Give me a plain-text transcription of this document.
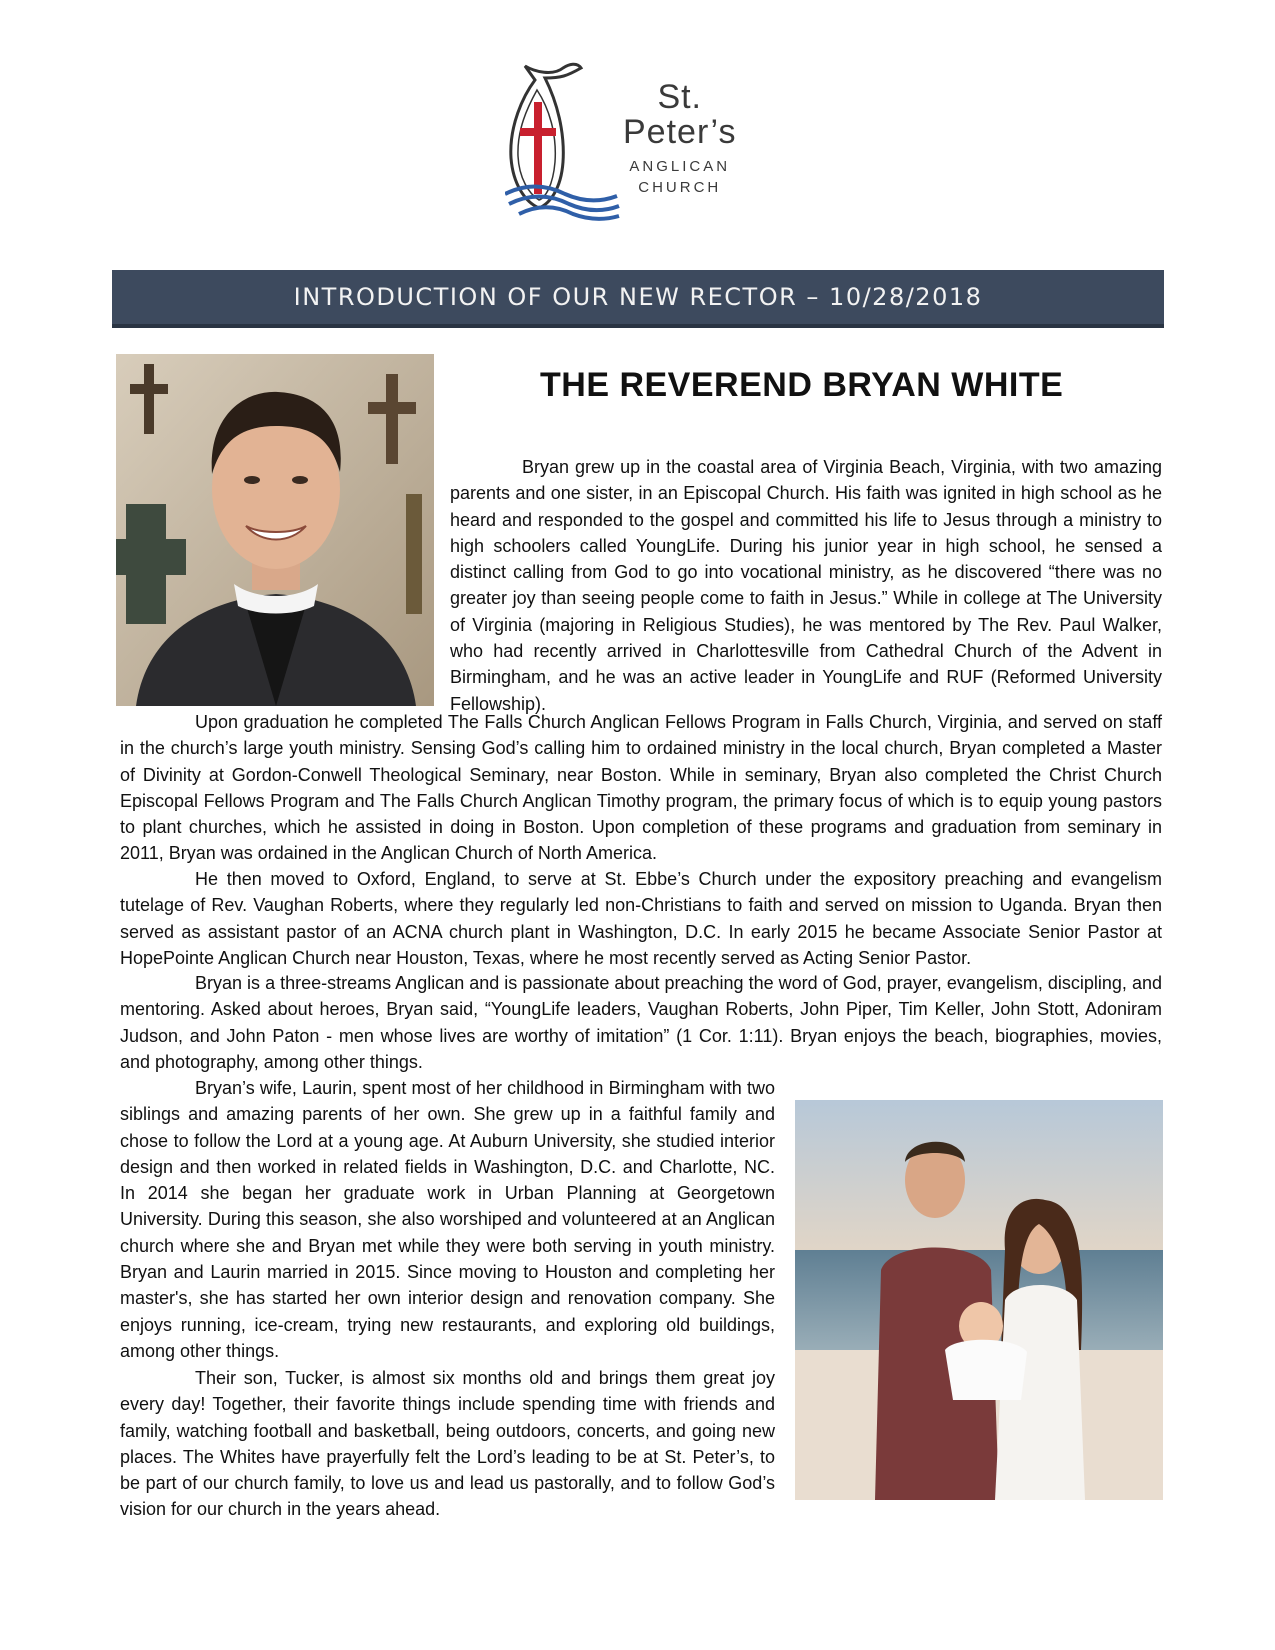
St.
Peter’s
ANGLICAN
CHURCH
INTRODUCTION OF OUR NEW RECTOR – 10/28/2018
THE REVEREND BRYAN WHITE

Bryan grew up in the coastal area of Virginia Beach, Virginia, with two amazing parents and one sister, in an Episcopal Church. His faith was ignited in high school as he heard and responded to the gospel and committed his life to Jesus through a ministry to high schoolers called YoungLife. During his junior year in high school, he sensed a distinct calling from God to go into vocational ministry, as he discovered “there was no greater joy than seeing people come to faith in Jesus.” While in college at The University of Virginia (majoring in Religious Studies), he was mentored by The Rev. Paul Walker, who had recently arrived in Charlottesville from Cathedral Church of the Advent in Birmingham, and he was an active leader in YoungLife and RUF (Reformed University Fellowship).

Upon graduation he completed The Falls Church Anglican Fellows Program in Falls Church, Virginia, and served on staff in the church’s large youth ministry. Sensing God’s calling him to ordained ministry in the local church, Bryan completed a Master of Divinity at Gordon-Conwell Theological Seminary, near Boston. While in seminary, Bryan also completed the Christ Church Episcopal Fellows Program and The Falls Church Anglican Timothy program, the primary focus of which is to equip young pastors to plant churches, which he assisted in doing in Boston. Upon completion of these programs and graduation from seminary in 2011, Bryan was ordained in the Anglican Church of North America.

He then moved to Oxford, England, to serve at St. Ebbe’s Church under the expository preaching and evangelism tutelage of Rev. Vaughan Roberts, where they regularly led non-Christians to faith and served on mission to Uganda. Bryan then served as assistant pastor of an ACNA church plant in Washington, D.C. In early 2015 he became Associate Senior Pastor at HopePointe Anglican Church near Houston, Texas, where he most recently served as Acting Senior Pastor.

Bryan is a three-streams Anglican and is passionate about preaching the word of God, prayer, evangelism, discipling, and mentoring. Asked about heroes, Bryan said, “YoungLife leaders, Vaughan Roberts, John Piper, Tim Keller, John Stott, Adoniram Judson, and John Paton - men whose lives are worthy of imitation” (1 Cor. 1:11). Bryan enjoys the beach, biographies, movies, and photography, among other things.

Bryan’s wife, Laurin, spent most of her childhood in Birmingham with two siblings and amazing parents of her own. She grew up in a faithful family and chose to follow the Lord at a young age. At Auburn University, she studied interior design and then worked in related fields in Washington, D.C. and Charlotte, NC. In 2014 she began her graduate work in Urban Planning at Georgetown University. During this season, she also worshiped and volunteered at an Anglican church where she and Bryan met while they were both serving in youth ministry. Bryan and Laurin married in 2015. Since moving to Houston and completing her master's, she has started her own interior design and renovation company. She enjoys running, ice-cream, trying new restaurants, and exploring old buildings, among other things.

Their son, Tucker, is almost six months old and brings them great joy every day! Together, their favorite things include spending time with friends and family, watching football and basketball, being outdoors, concerts, and going new places. The Whites have prayerfully felt the Lord’s leading to be at St. Peter’s, to be part of our church family, to love us and lead us pastorally, and to follow God’s vision for our church in the years ahead.
